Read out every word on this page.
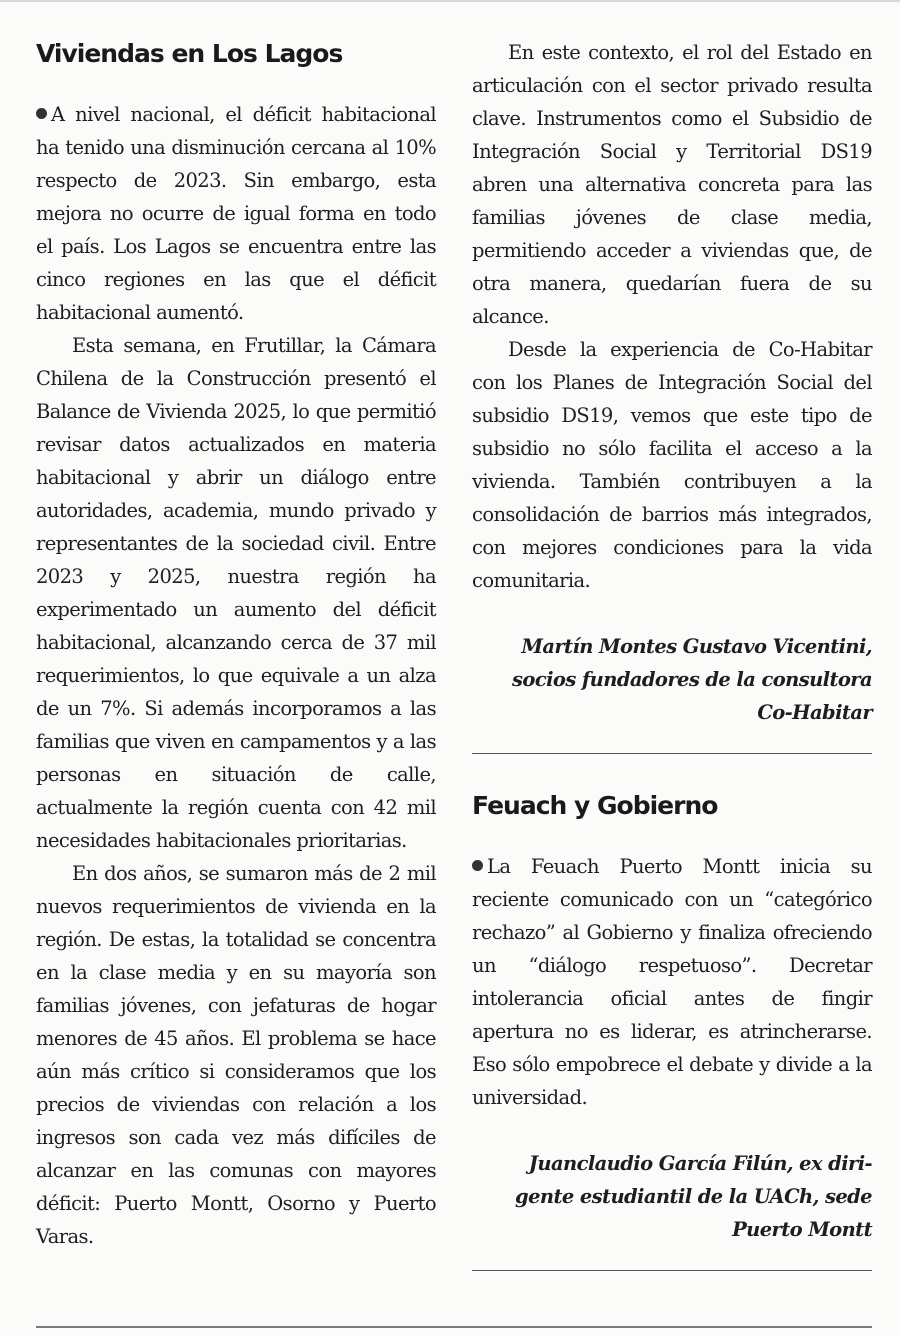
Viviendas en Los Lagos

A nivel nacional, el déficit habitacional ha tenido una disminución cercana al 10% respecto de 2023. Sin embargo, esta mejora no ocurre de igual forma en todo el país. Los Lagos se encuentra entre las cinco regiones en las que el déficit habitacional aumentó.

Esta semana, en Frutillar, la Cámara Chilena de la Construcción presentó el Balance de Vivienda 2025, lo que permitió revisar datos actualizados en materia habitacional y abrir un diálogo entre autoridades, academia, mundo privado y representantes de la sociedad civil. Entre 2023 y 2025, nuestra región ha experimentado un aumento del déficit habitacional, alcanzando cerca de 37 mil requerimientos, lo que equivale a un alza de un 7%. Si además incorporamos a las familias que viven en campamentos y a las personas en situación de calle, actualmente la región cuenta con 42 mil necesidades habitacionales prioritarias.

En dos años, se sumaron más de 2 mil nuevos requerimientos de vivienda en la región. De estas, la totalidad se concentra en la clase media y en su mayoría son familias jóvenes, con jefaturas de hogar menores de 45 años. El problema se hace aún más crítico si consideramos que los precios de viviendas con relación a los ingresos son cada vez más difíciles de alcanzar en las comunas con mayores déficit: Puerto Montt, Osorno y Puerto Varas.

En este contexto, el rol del Estado en articulación con el sector privado resulta clave. Instrumentos como el Subsidio de Integración Social y Territorial DS19 abren una alternativa concreta para las familias jóvenes de clase media, permitiendo acceder a viviendas que, de otra manera, quedarían fuera de su alcance.

Desde la experiencia de Co-Habitar con los Planes de Integración Social del subsidio DS19, vemos que este tipo de subsidio no sólo facilita el acceso a la vivienda. También contribuyen a la consolidación de barrios más integrados, con mejores condiciones para la vida comunitaria.

Martín Montes Gustavo Vicentini,
socios fundadores de la consultora
Co-Habitar
Feuach y Gobierno

La Feuach Puerto Montt inicia su reciente comunicado con un “categórico rechazo” al Gobierno y finaliza ofreciendo un “diálogo respetuoso”. Decretar intolerancia oficial antes de fingir apertura no es liderar, es atrincherarse. Eso sólo empobrece el debate y divide a la universidad.

Juanclaudio García Filún, ex diri-
gente estudiantil de la UACh, sede
Puerto Montt
